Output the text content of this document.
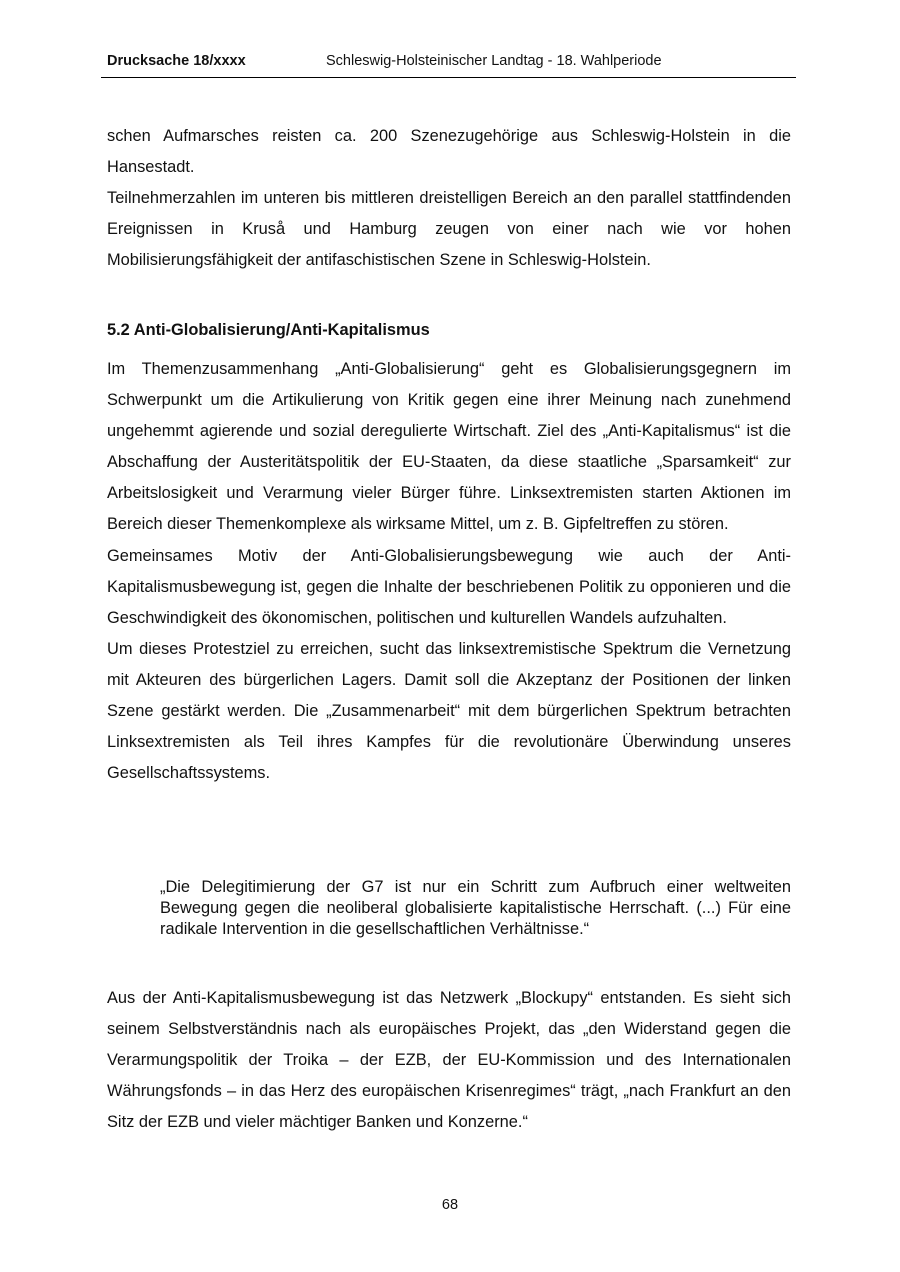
Drucksache 18/xxxx	Schleswig-Holsteinischer Landtag - 18. Wahlperiode

schen Aufmarsches reisten ca. 200 Szenezugehörige aus Schleswig-Holstein in die Hansestadt.

Teilnehmerzahlen im unteren bis mittleren dreistelligen Bereich an den parallel stattfindenden Ereignissen in Kruså und Hamburg zeugen von einer nach wie vor hohen Mobilisierungsfähigkeit der antifaschistischen Szene in Schleswig-Holstein.

5.2 Anti-Globalisierung/Anti-Kapitalismus

Im Themenzusammenhang „Anti-Globalisierung“ geht es Globalisierungsgegnern im Schwerpunkt um die Artikulierung von Kritik gegen eine ihrer Meinung nach zunehmend ungehemmt agierende und sozial deregulierte Wirtschaft. Ziel des „Anti-Kapitalismus“ ist die Abschaffung der Austeritätspolitik der EU-Staaten, da diese staatliche „Sparsamkeit“ zur Arbeitslosigkeit und Verarmung vieler Bürger führe. Linksextremisten starten Aktionen im Bereich dieser Themenkomplexe als wirksame Mittel, um z. B. Gipfeltreffen zu stören.

Gemeinsames Motiv der Anti-Globalisierungsbewegung wie auch der Anti-Kapitalismusbewegung ist, gegen die Inhalte der beschriebenen Politik zu opponieren und die Geschwindigkeit des ökonomischen, politischen und kulturellen Wandels aufzuhalten.

Um dieses Protestziel zu erreichen, sucht das linksextremistische Spektrum die Vernetzung mit Akteuren des bürgerlichen Lagers. Damit soll die Akzeptanz der Positionen der linken Szene gestärkt werden. Die „Zusammenarbeit“ mit dem bürgerlichen Spektrum betrachten Linksextremisten als Teil ihres Kampfes für die revolutionäre Überwindung unseres Gesellschaftssystems.

„Die Delegitimierung der G7 ist nur ein Schritt zum Aufbruch einer weltweiten Bewegung gegen die neoliberal globalisierte kapitalistische Herrschaft. (...) Für eine radikale Intervention in die gesellschaftlichen Verhältnisse.“

Aus der Anti-Kapitalismusbewegung ist das Netzwerk „Blockupy“ entstanden. Es sieht sich seinem Selbstverständnis nach als europäisches Projekt, das „den Widerstand gegen die Verarmungspolitik der Troika – der EZB, der EU-Kommission und des Internationalen Währungsfonds – in das Herz des europäischen Krisenregimes“ trägt, „nach Frankfurt an den Sitz der EZB und vieler mächtiger Banken und Konzerne.“

68
